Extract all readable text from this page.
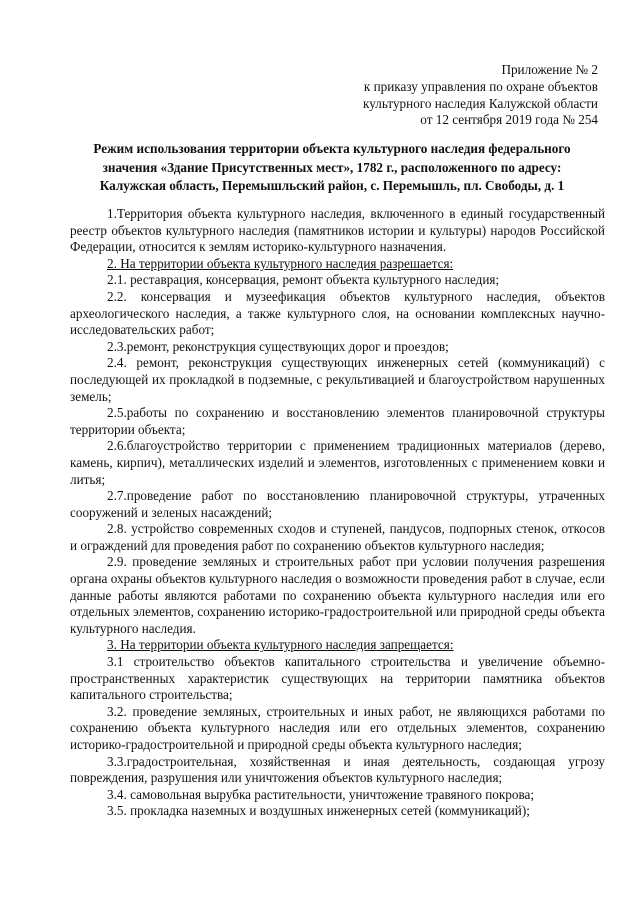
Приложение № 2
к приказу управления по охране объектов
культурного наследия Калужской области
от 12 сентября 2019 года № 254
Режим использования территории объекта культурного наследия федерального
значения «Здание Присутственных мест», 1782 г., расположенного по адресу:
Калужская область, Перемышльский район, с. Перемышль, пл. Свободы, д. 1

1.Территория объекта культурного наследия, включенного в единый государственный реестр объектов культурного наследия (памятников истории и культуры) народов Российской Федерации, относится к землям историко-культурного назначения.

2. На территории объекта культурного наследия разрешается:

2.1. реставрация, консервация, ремонт объекта культурного наследия;

2.2. консервация и музеефикация объектов культурного наследия, объектов археологического наследия, а также культурного слоя, на основании комплексных научно-исследовательских работ;

2.3.ремонт, реконструкция существующих дорог и проездов;

2.4. ремонт, реконструкция существующих инженерных сетей (коммуникаций) с последующей их прокладкой в подземные, с рекультивацией и благоустройством нарушенных земель;

2.5.работы по сохранению и восстановлению элементов планировочной структуры территории объекта;

2.6.благоустройство территории с применением традиционных материалов (дерево, камень, кирпич), металлических изделий и элементов, изготовленных с применением ковки и литья;

2.7.проведение работ по восстановлению планировочной структуры, утраченных сооружений и зеленых насаждений;

2.8. устройство современных сходов и ступеней, пандусов, подпорных стенок, откосов и ограждений для проведения работ по сохранению объектов культурного наследия;

2.9. проведение земляных и строительных работ при условии получения разрешения органа охраны объектов культурного наследия о возможности проведения работ в случае, если данные работы являются работами по сохранению объекта культурного наследия или его отдельных элементов, сохранению историко-градостроительной или природной среды объекта культурного наследия.

3. На территории объекта культурного наследия запрещается:

3.1 строительство объектов капитального строительства и увеличение объемно-пространственных характеристик существующих на территории памятника объектов капитального строительства;

3.2. проведение земляных, строительных и иных работ, не являющихся работами по сохранению объекта культурного наследия или его отдельных элементов, сохранению историко-градостроительной и природной среды объекта культурного наследия;

3.3.градостроительная, хозяйственная и иная деятельность, создающая угрозу повреждения, разрушения или уничтожения объектов культурного наследия;

3.4. самовольная вырубка растительности, уничтожение травяного покрова;

3.5. прокладка наземных и воздушных инженерных сетей (коммуникаций);
